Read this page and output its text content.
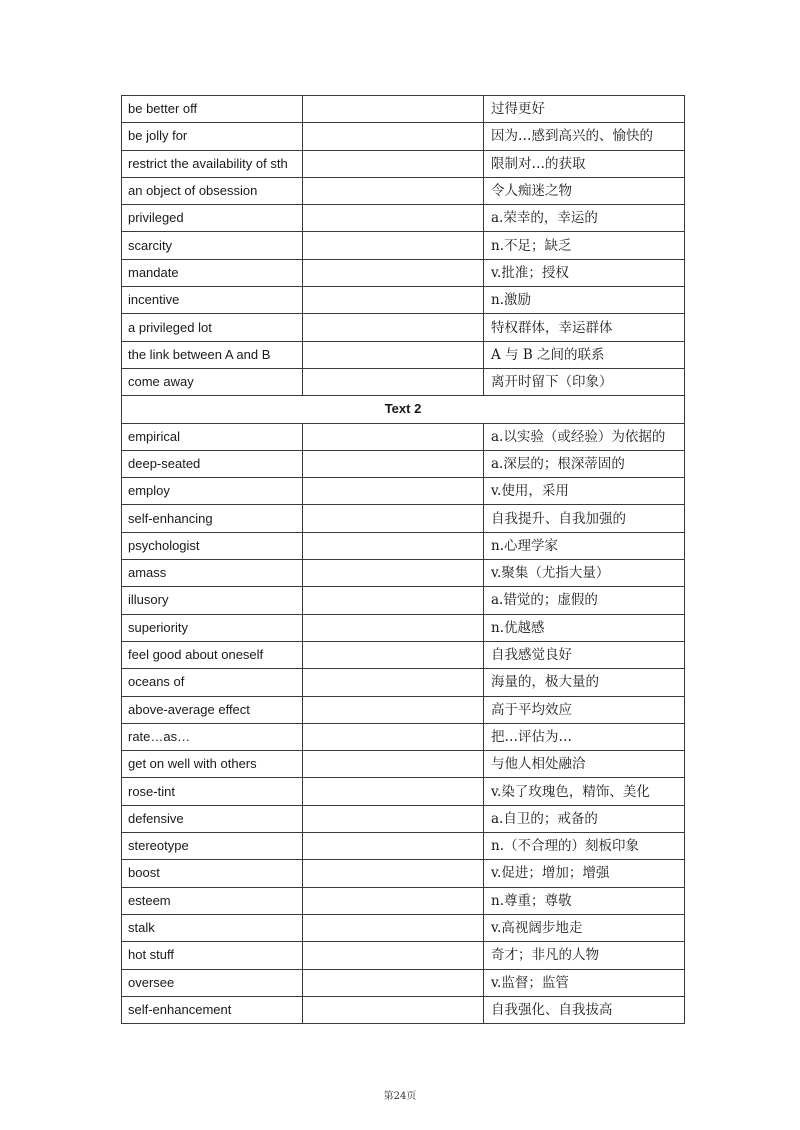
be better off		过得更好
be jolly for		因为…感到高兴的、愉快的
restrict the availability of sth		限制对…的获取
an object of obsession		令人痴迷之物
privileged		a.荣幸的，幸运的
scarcity		n.不足；缺乏
mandate		v.批准；授权
incentive		n.激励
a privileged lot		特权群体，幸运群体
the link between A and B		A 与 B 之间的联系
come away		离开时留下（印象）
Text 2		
empirical		a.以实验（或经验）为依据的
deep-seated		a.深层的；根深蒂固的
employ		v.使用，采用
self-enhancing		自我提升、自我加强的
psychologist		n.心理学家
amass		v.聚集（尤指大量）
illusory		a.错觉的；虚假的
superiority		n.优越感
feel good about oneself		自我感觉良好
oceans of		海量的，极大量的
above-average effect		高于平均效应
rate…as…		把…评估为…
get on well with others		与他人相处融洽
rose-tint		v.染了玫瑰色，精饰、美化
defensive		a.自卫的；戒备的
stereotype		n.（不合理的）刻板印象
boost		v.促进；增加；增强
esteem		n.尊重；尊敬
stalk		v.高视阔步地走
hot stuff		奇才；非凡的人物
oversee		v.监督；监管
self-enhancement		自我强化、自我拔高
第24页
